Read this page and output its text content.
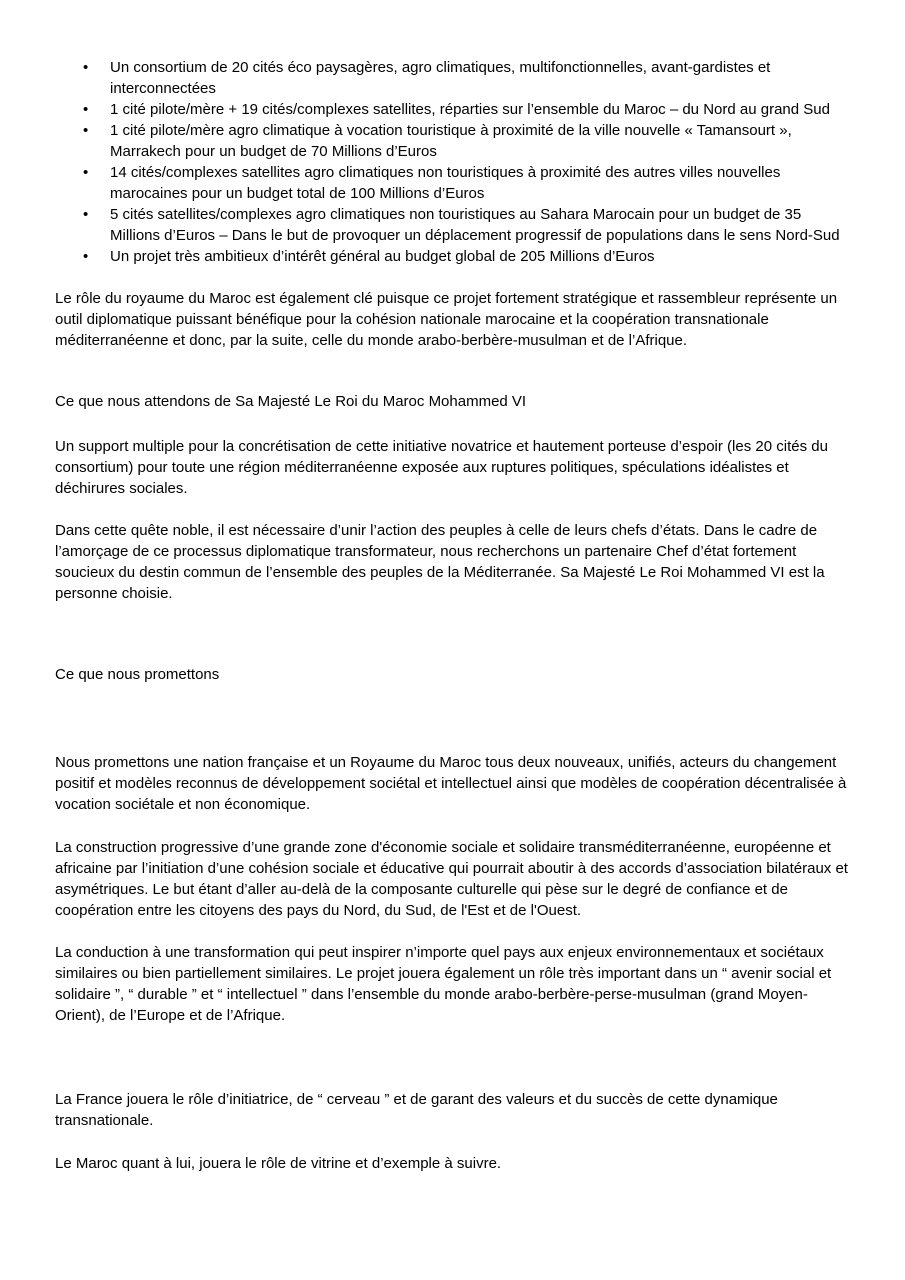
• Un consortium de 20 cités éco paysagères, agro climatiques, multifonctionnelles, avant-gardistes et interconnectées
• 1 cité pilote/mère + 19 cités/complexes satellites, réparties sur l’ensemble du Maroc – du Nord au grand Sud
• 1 cité pilote/mère agro climatique à vocation touristique à proximité de la ville nouvelle « Tamansourt », Marrakech pour un budget de 70 Millions d’Euros
• 14 cités/complexes satellites agro climatiques non touristiques à proximité des autres villes nouvelles marocaines pour un budget total de 100 Millions d’Euros
• 5 cités satellites/complexes agro climatiques non touristiques au Sahara Marocain pour un budget de 35 Millions d’Euros – Dans le but de provoquer un déplacement progressif de populations dans le sens Nord-Sud
• Un projet très ambitieux d’intérêt général au budget global de 205 Millions d’Euros

Le rôle du royaume du Maroc est également clé puisque ce projet fortement stratégique et rassembleur représente un outil diplomatique puissant bénéfique pour la cohésion nationale marocaine et la coopération transnationale méditerranéenne et donc, par la suite, celle du monde arabo-berbère-musulman et de l’Afrique.

Ce que nous attendons de Sa Majesté Le Roi du Maroc Mohammed VI

Un support multiple pour la concrétisation de cette initiative novatrice et hautement porteuse d’espoir (les 20 cités du consortium) pour toute une région méditerranéenne exposée aux ruptures politiques, spéculations idéalistes et déchirures sociales.

Dans cette quête noble, il est nécessaire d’unir l’action des peuples à celle de leurs chefs d’états. Dans le cadre de l’amorçage de ce processus diplomatique transformateur, nous recherchons un partenaire Chef d’état fortement soucieux du destin commun de l’ensemble des peuples de la Méditerranée. Sa Majesté Le Roi Mohammed VI est la personne choisie.

Ce que nous promettons

Nous promettons une nation française et un Royaume du Maroc tous deux nouveaux, unifiés, acteurs du changement positif et modèles reconnus de développement sociétal et intellectuel ainsi que modèles de coopération décentralisée à vocation sociétale et non économique.

La construction progressive d’une grande zone d'économie sociale et solidaire transméditerranéenne, européenne et africaine par l’initiation d’une cohésion sociale et éducative qui pourrait aboutir à des accords d’association bilatéraux et asymétriques. Le but étant d’aller au-delà de la composante culturelle qui pèse sur le degré de confiance et de coopération entre les citoyens des pays du Nord, du Sud, de l'Est et de l'Ouest.

La conduction à une transformation qui peut inspirer n’importe quel pays aux enjeux environnementaux et sociétaux similaires ou bien partiellement similaires. Le projet jouera également un rôle très important dans un “ avenir social et solidaire ”, “ durable ” et “ intellectuel ” dans l’ensemble du monde arabo-berbère-perse-musulman (grand Moyen-Orient), de l’Europe et de l’Afrique.

La France jouera le rôle d’initiatrice, de “ cerveau ” et de garant des valeurs et du succès de cette dynamique transnationale.

Le Maroc quant à lui, jouera le rôle de vitrine et d’exemple à suivre.
